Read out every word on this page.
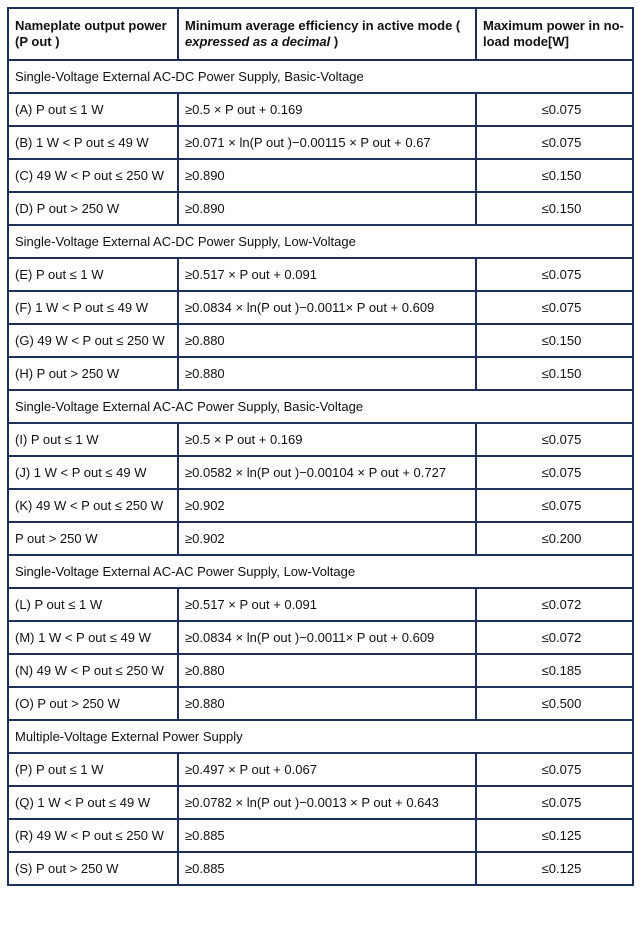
Nameplate output power (P out )	Minimum average efficiency in active mode ( expressed as a decimal )	Maximum power in no-load mode[W]
Single-Voltage External AC-DC Power Supply, Basic-Voltage		
(A) P out ≤ 1 W	≥0.5 × P out + 0.169	≤0.075
(B) 1 W < P out ≤ 49 W	≥0.071 × ln(P out )−0.00115 × P out + 0.67	≤0.075
(C) 49 W < P out ≤ 250 W	≥0.890	≤0.150
(D) P out > 250 W	≥0.890	≤0.150
Single-Voltage External AC-DC Power Supply, Low-Voltage		
(E) P out ≤ 1 W	≥0.517 × P out + 0.091	≤0.075
(F) 1 W < P out ≤ 49 W	≥0.0834 × ln(P out )−0.0011× P out + 0.609	≤0.075
(G) 49 W < P out ≤ 250 W	≥0.880	≤0.150
(H) P out > 250 W	≥0.880	≤0.150
Single-Voltage External AC-AC Power Supply, Basic-Voltage		
(I) P out ≤ 1 W	≥0.5 × P out + 0.169	≤0.075
(J) 1 W < P out ≤ 49 W	≥0.0582 × ln(P out )−0.00104 × P out + 0.727	≤0.075
(K) 49 W < P out ≤ 250 W	≥0.902	≤0.075
P out > 250 W	≥0.902	≤0.200
Single-Voltage External AC-AC Power Supply, Low-Voltage		
(L) P out ≤ 1 W	≥0.517 × P out + 0.091	≤0.072
(M) 1 W < P out ≤ 49 W	≥0.0834 × ln(P out )−0.0011× P out + 0.609	≤0.072
(N) 49 W < P out ≤ 250 W	≥0.880	≤0.185
(O) P out > 250 W	≥0.880	≤0.500
Multiple-Voltage External Power Supply		
(P) P out ≤ 1 W	≥0.497 × P out + 0.067	≤0.075
(Q) 1 W < P out ≤ 49 W	≥0.0782 × ln(P out )−0.0013 × P out + 0.643	≤0.075
(R) 49 W < P out ≤ 250 W	≥0.885	≤0.125
(S) P out > 250 W	≥0.885	≤0.125
